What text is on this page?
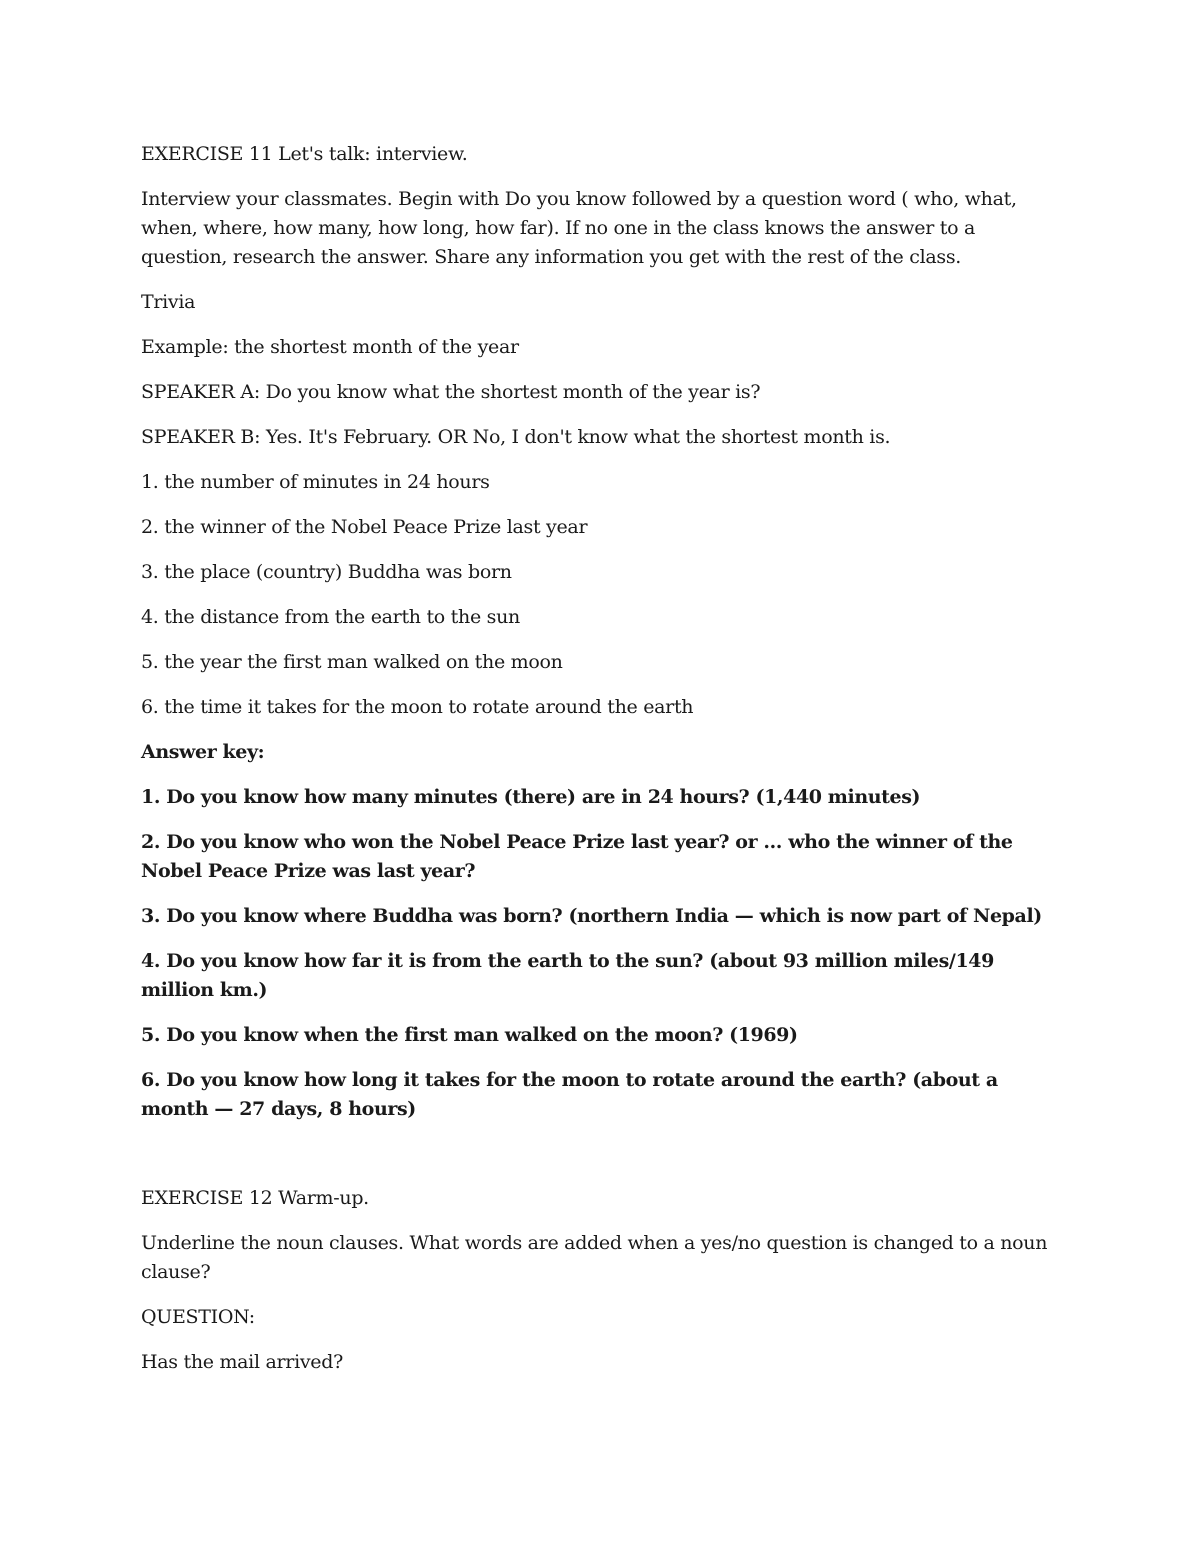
EXERCISE 11 Let's talk: interview.

Interview your classmates. Begin with Do you know followed by a question word ( who, what, when, where, how many, how long, how far). If no one in the class knows the answer to a question, research the answer. Share any information you get with the rest of the class.

Trivia

Example: the shortest month of the year

SPEAKER A: Do you know what the shortest month of the year is?

SPEAKER B: Yes. It's February. OR No, I don't know what the shortest month is.

1. the number of minutes in 24 hours

2. the winner of the Nobel Peace Prize last year

3. the place (country) Buddha was born

4. the distance from the earth to the sun

5. the year the first man walked on the moon

6. the time it takes for the moon to rotate around the earth

Answer key:

1. Do you know how many minutes (there) are in 24 hours? (1,440 minutes)

2. Do you know who won the Nobel Peace Prize last year? or … who the winner of the Nobel Peace Prize was last year?

3. Do you know where Buddha was born? (northern India — which is now part of Nepal)

4. Do you know how far it is from the earth to the sun? (about 93 million miles/149 million km.)

5. Do you know when the first man walked on the moon? (1969)

6. Do you know how long it takes for the moon to rotate around the earth? (about a month — 27 days, 8 hours)

EXERCISE 12 Warm-up.

Underline the noun clauses. What words are added when a yes/no question is changed to a noun clause?

QUESTION:

Has the mail arrived?
